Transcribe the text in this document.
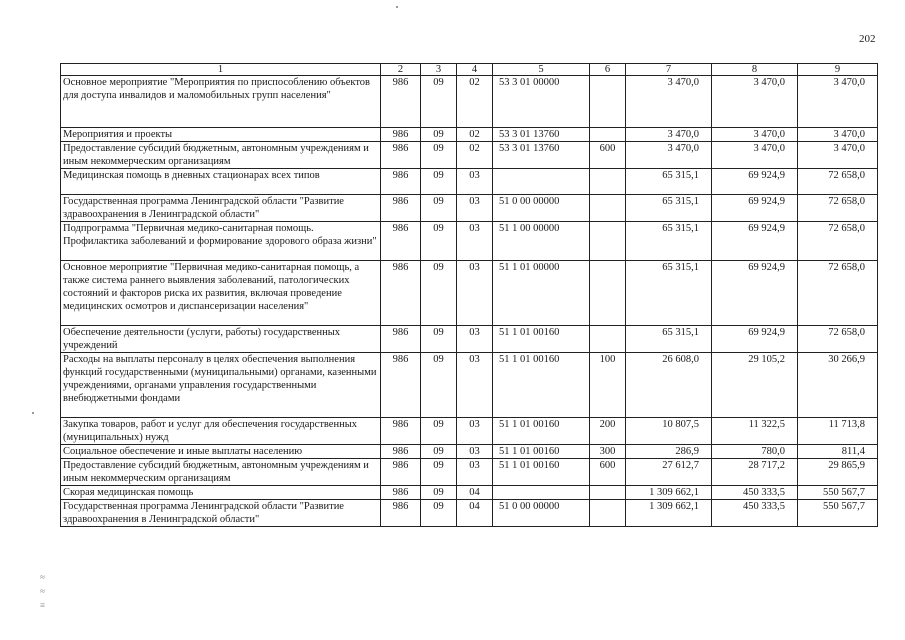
202
1	2	3	4	5	6	7	8	9
Основное мероприятие "Мероприятия по приспособлению объектов для доступа инвалидов и маломобильных групп населения"	986	09	02	53 3 01 00000		3 470,0	3 470,0	3 470,0
Мероприятия и проекты	986	09	02	53 3 01 13760		3 470,0	3 470,0	3 470,0
Предоставление субсидий бюджетным, автономным учреждениям и иным некоммерческим организациям	986	09	02	53 3 01 13760	600	3 470,0	3 470,0	3 470,0
Медицинская помощь в дневных стационарах всех типов	986	09	03			65 315,1	69 924,9	72 658,0
Государственная программа Ленинградской области "Развитие здравоохранения в Ленинградской области"	986	09	03	51 0 00 00000		65 315,1	69 924,9	72 658,0
Подпрограмма "Первичная медико-санитарная помощь. Профилактика заболеваний и формирование здорового образа жизни"	986	09	03	51 1 00 00000		65 315,1	69 924,9	72 658,0
Основное мероприятие "Первичная медико-санитарная помощь, а также система раннего выявления заболеваний, патологических состояний и факторов риска их развития, включая проведение медицинских осмотров и диспансеризации населения"	986	09	03	51 1 01 00000		65 315,1	69 924,9	72 658,0
Обеспечение деятельности (услуги, работы) государственных учреждений	986	09	03	51 1 01 00160		65 315,1	69 924,9	72 658,0
Расходы на выплаты персоналу в целях обеспечения выполнения функций государственными (муниципальными) органами, казенными учреждениями, органами управления государственными внебюджетными фондами	986	09	03	51 1 01 00160	100	26 608,0	29 105,2	30 266,9
Закупка товаров, работ и услуг для обеспечения государственных (муниципальных) нужд	986	09	03	51 1 01 00160	200	10 807,5	11 322,5	11 713,8
Социальное обеспечение и иные выплаты населению	986	09	03	51 1 01 00160	300	286,9	780,0	811,4
Предоставление субсидий бюджетным, автономным учреждениям и иным некоммерческим организациям	986	09	03	51 1 01 00160	600	27 612,7	28 717,2	29 865,9
Скорая медицинская помощь	986	09	04			1 309 662,1	450 333,5	550 567,7
Государственная программа Ленинградской области "Развитие здравоохранения в Ленинградской области"	986	09	04	51 0 00 00000		1 309 662,1	450 333,5	550 567,7
≈
≈
≡
